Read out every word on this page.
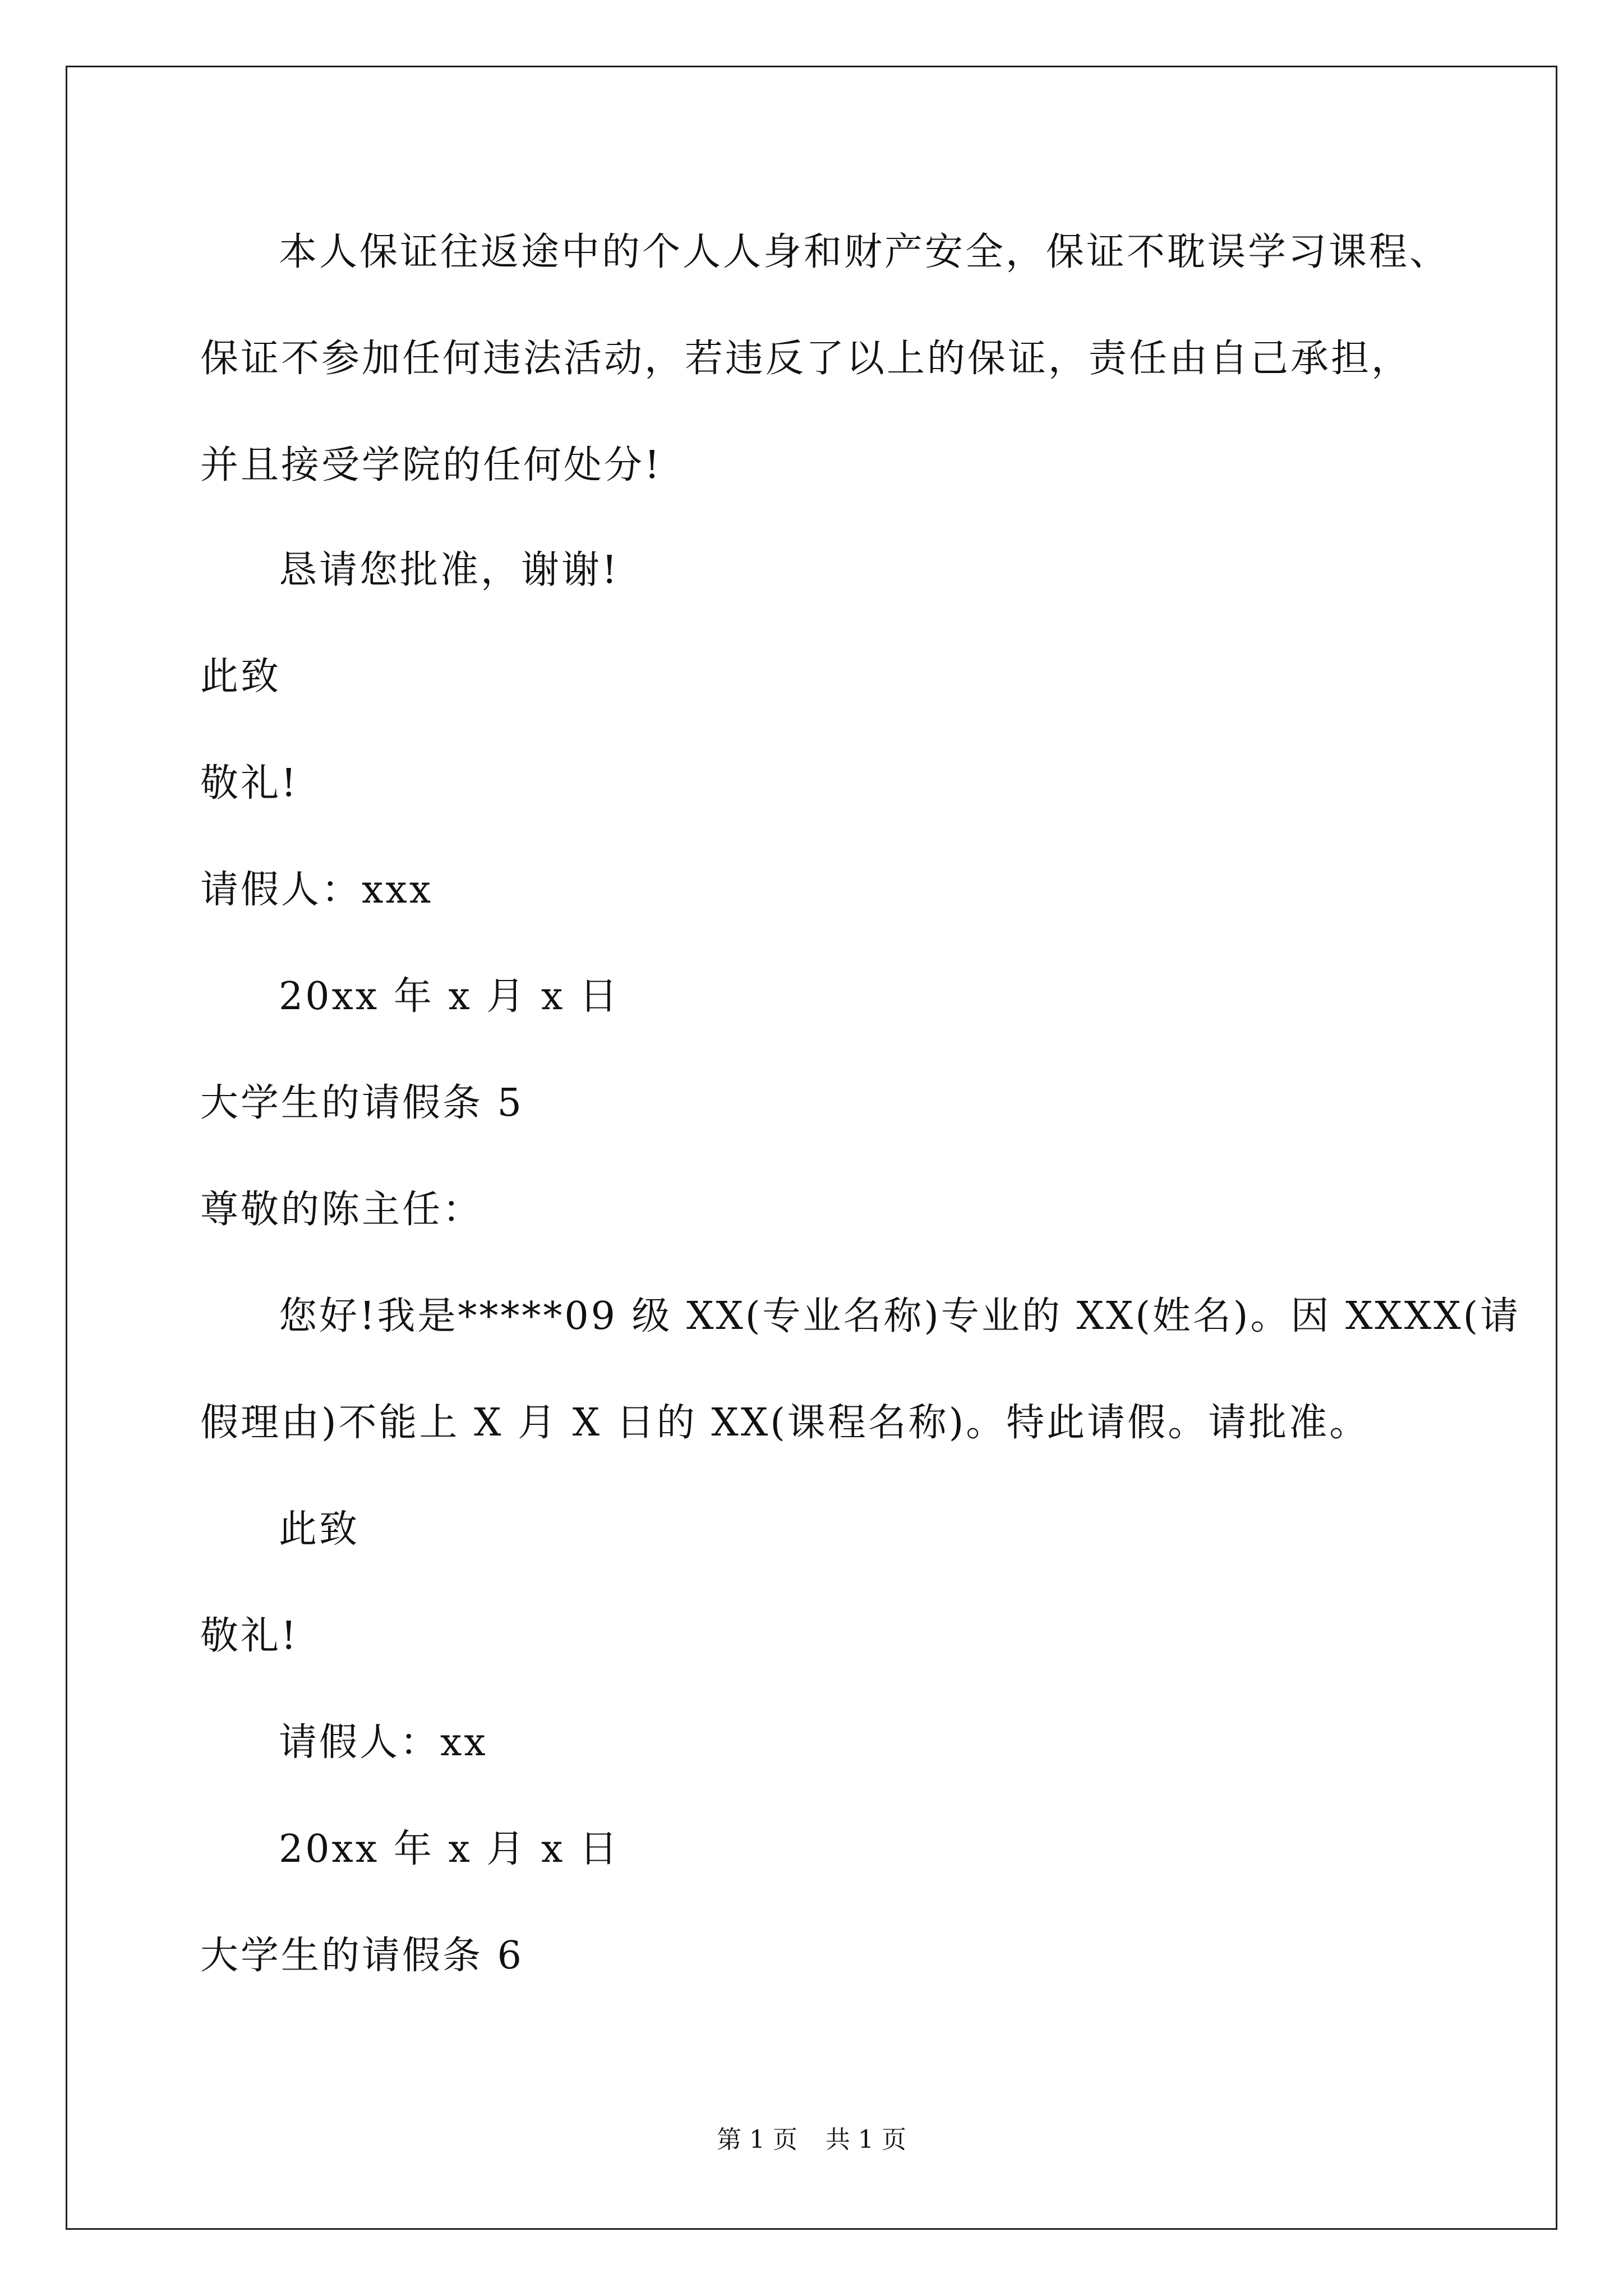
本人保证往返途中的个人人身和财产安全，保证不耽误学习课程、
保证不参加任何违法活动，若违反了以上的保证，责任由自己承担，
并且接受学院的任何处分!
恳请您批准，谢谢!
此致
敬礼!
请假人：xxx
20xx 年 x 月 x 日
大学生的请假条 5
尊敬的陈主任：
您好!我是*****09 级 XX(专业名称)专业的 XX(姓名)。因 XXXX(请
假理由)不能上 X 月 X 日的 XX(课程名称)。特此请假。请批准。
此致
敬礼!
请假人：xx
20xx 年 x 月 x 日
大学生的请假条 6
第 1 页 共 1 页
